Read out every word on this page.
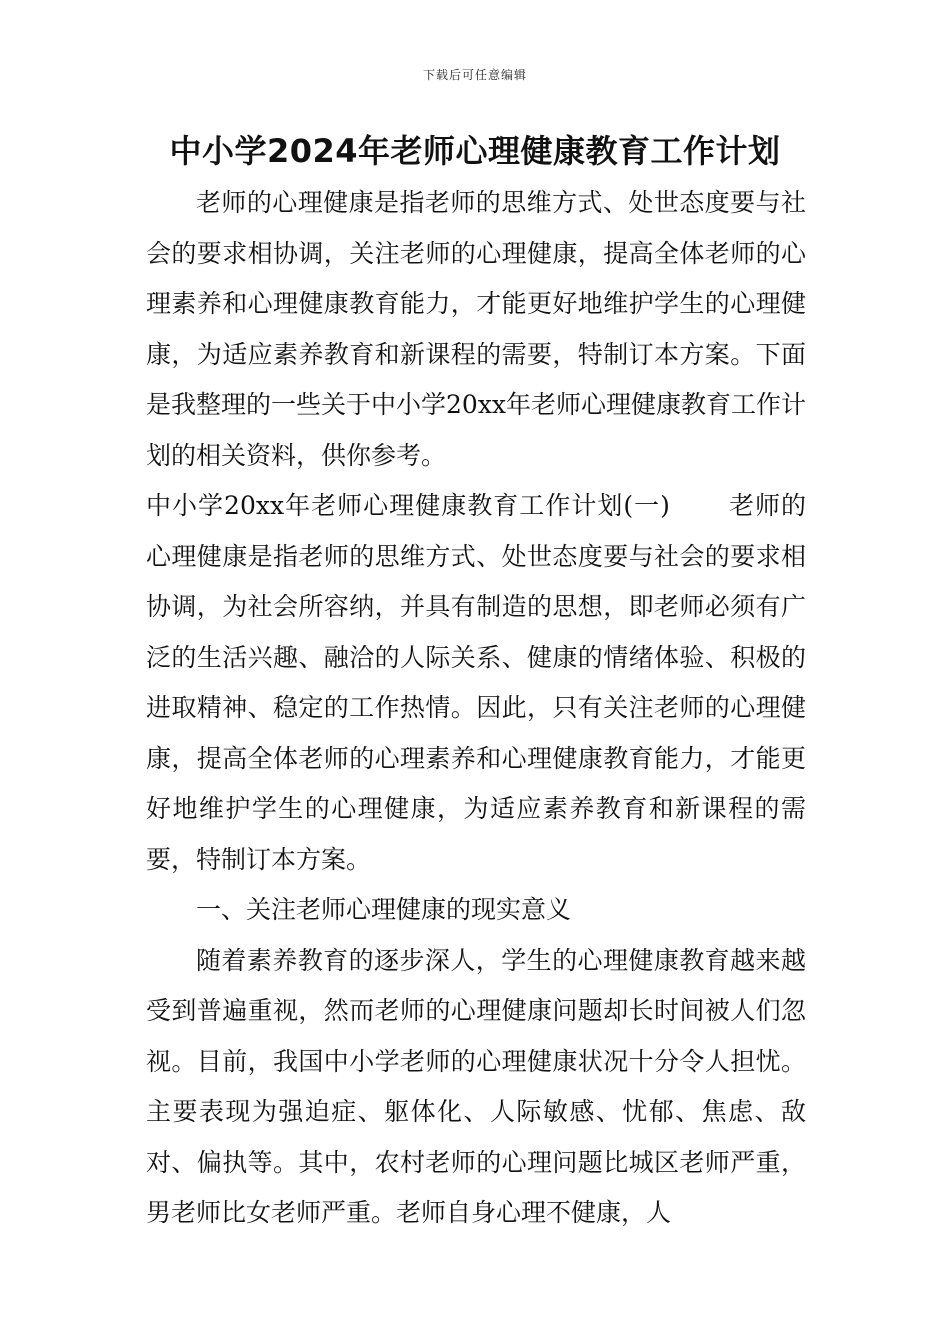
下载后可任意编辑
中小学2024年老师心理健康教育工作计划

老师的心理健康是指老师的思维方式、处世态度要与社会的要求相协调，关注老师的心理健康，提高全体老师的心理素养和心理健康教育能力，才能更好地维护学生的心理健康，为适应素养教育和新课程的需要，特制订本方案。下面是我整理的一些关于中小学20xx年老师心理健康教育工作计划的相关资料，供你参考。

中小学20xx年老师心理健康教育工作计划(一) 老师的心理健康是指老师的思维方式、处世态度要与社会的要求相协调，为社会所容纳，并具有制造的思想，即老师必须有广泛的生活兴趣、融洽的人际关系、健康的情绪体验、积极的进取精神、稳定的工作热情。因此，只有关注老师的心理健康，提高全体老师的心理素养和心理健康教育能力，才能更好地维护学生的心理健康，为适应素养教育和新课程的需要，特制订本方案。

一、关注老师心理健康的现实意义

随着素养教育的逐步深人，学生的心理健康教育越来越受到普遍重视，然而老师的心理健康问题却长时间被人们忽视。目前，我国中小学老师的心理健康状况十分令人担忧。主要表现为强迫症、躯体化、人际敏感、忧郁、焦虑、敌对、偏执等。其中，农村老师的心理问题比城区老师严重，男老师比女老师严重。老师自身心理不健康，人
